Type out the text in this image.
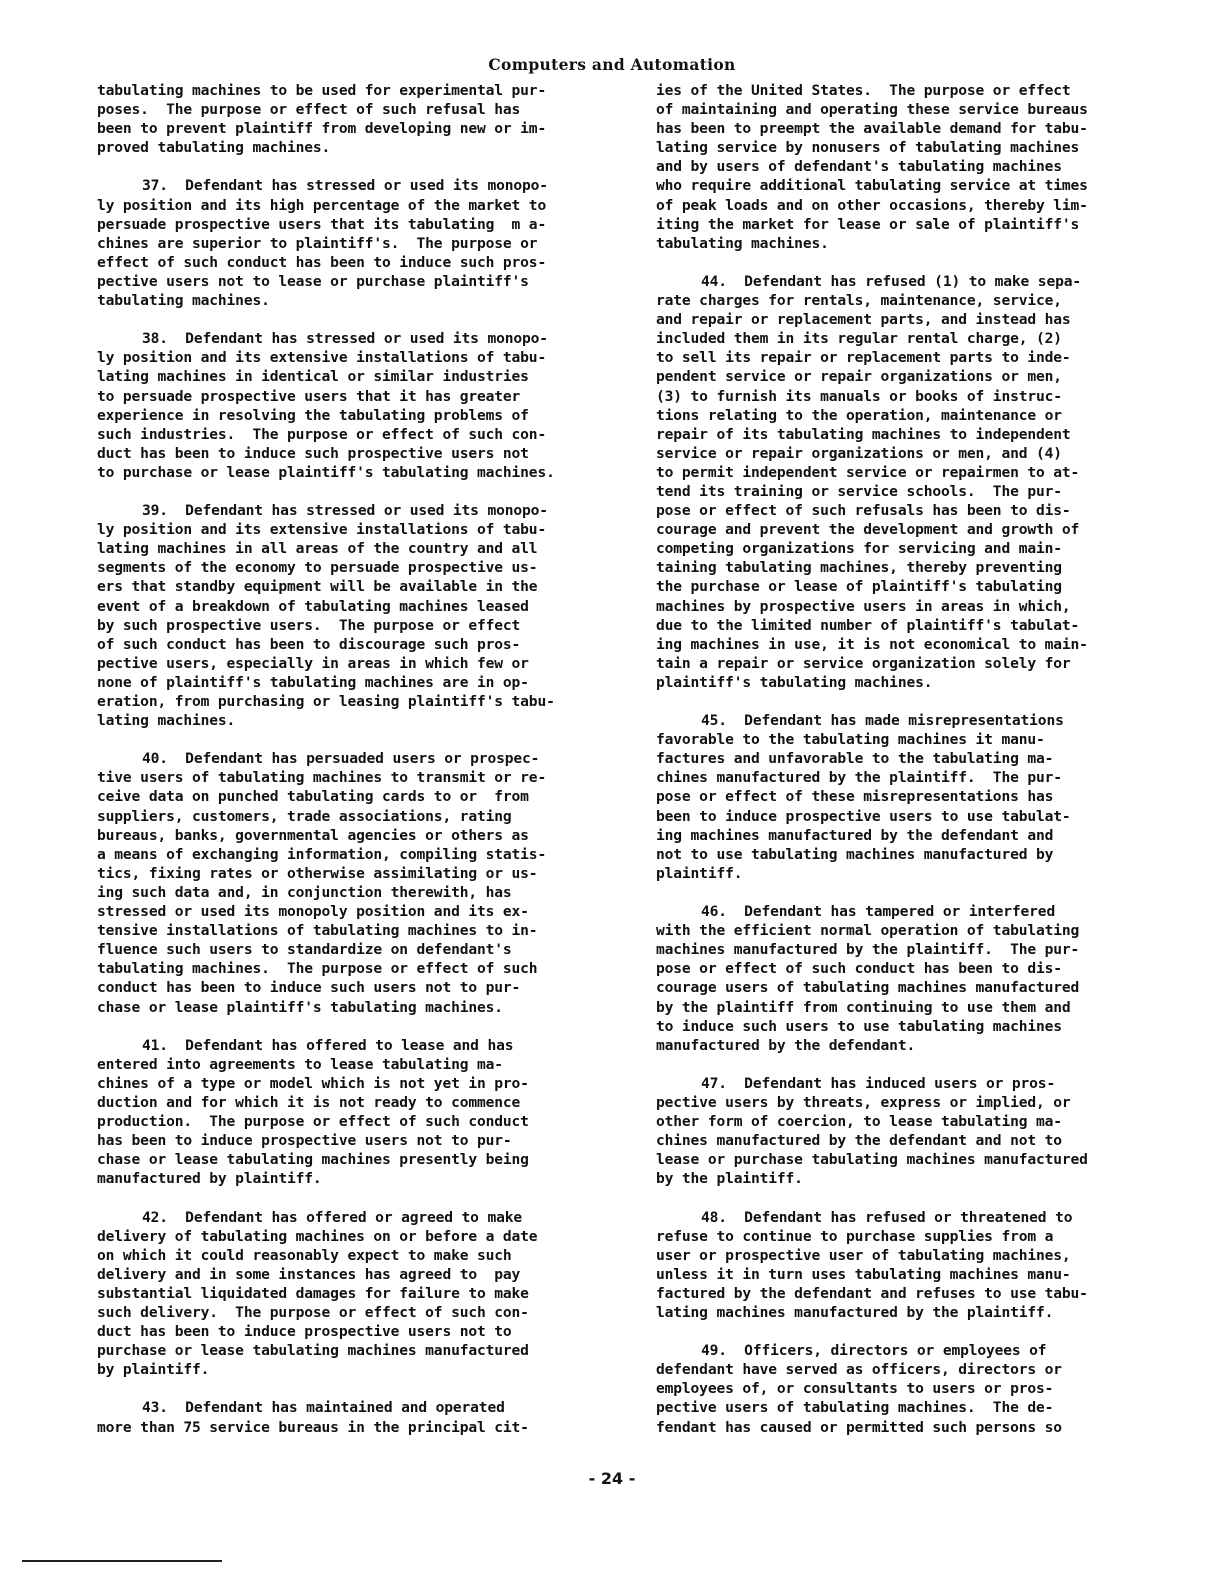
Computers and Automation
tabulating machines to be used for experimental pur-
poses.  The purpose or effect of such refusal has
been to prevent plaintiff from developing new or im-
proved tabulating machines.
37.  Defendant has stressed or used its monopo-
ly position and its high percentage of the market to
persuade prospective users that its tabulating  m a-
chines are superior to plaintiff's.  The purpose or
effect of such conduct has been to induce such pros-
pective users not to lease or purchase plaintiff's
tabulating machines.
38.  Defendant has stressed or used its monopo-
ly position and its extensive installations of tabu-
lating machines in identical or similar industries
to persuade prospective users that it has greater
experience in resolving the tabulating problems of
such industries.  The purpose or effect of such con-
duct has been to induce such prospective users not
to purchase or lease plaintiff's tabulating machines.
39.  Defendant has stressed or used its monopo-
ly position and its extensive installations of tabu-
lating machines in all areas of the country and all
segments of the economy to persuade prospective us-
ers that standby equipment will be available in the
event of a breakdown of tabulating machines leased
by such prospective users.  The purpose or effect
of such conduct has been to discourage such pros-
pective users, especially in areas in which few or
none of plaintiff's tabulating machines are in op-
eration, from purchasing or leasing plaintiff's tabu-
lating machines.
40.  Defendant has persuaded users or prospec-
tive users of tabulating machines to transmit or re-
ceive data on punched tabulating cards to or  from
suppliers, customers, trade associations, rating
bureaus, banks, governmental agencies or others as
a means of exchanging information, compiling statis-
tics, fixing rates or otherwise assimilating or us-
ing such data and, in conjunction therewith, has
stressed or used its monopoly position and its ex-
tensive installations of tabulating machines to in-
fluence such users to standardize on defendant's
tabulating machines.  The purpose or effect of such
conduct has been to induce such users not to pur-
chase or lease plaintiff's tabulating machines.
41.  Defendant has offered to lease and has
entered into agreements to lease tabulating ma-
chines of a type or model which is not yet in pro-
duction and for which it is not ready to commence
production.  The purpose or effect of such conduct
has been to induce prospective users not to pur-
chase or lease tabulating machines presently being
manufactured by plaintiff.
42.  Defendant has offered or agreed to make
delivery of tabulating machines on or before a date
on which it could reasonably expect to make such
delivery and in some instances has agreed to  pay
substantial liquidated damages for failure to make
such delivery.  The purpose or effect of such con-
duct has been to induce prospective users not to
purchase or lease tabulating machines manufactured
by plaintiff.
43.  Defendant has maintained and operated
more than 75 service bureaus in the principal cit-
ies of the United States.  The purpose or effect
of maintaining and operating these service bureaus
has been to preempt the available demand for tabu-
lating service by nonusers of tabulating machines
and by users of defendant's tabulating machines
who require additional tabulating service at times
of peak loads and on other occasions, thereby lim-
iting the market for lease or sale of plaintiff's
tabulating machines.
44.  Defendant has refused (1) to make sepa-
rate charges for rentals, maintenance, service,
and repair or replacement parts, and instead has
included them in its regular rental charge, (2)
to sell its repair or replacement parts to inde-
pendent service or repair organizations or men,
(3) to furnish its manuals or books of instruc-
tions relating to the operation, maintenance or
repair of its tabulating machines to independent
service or repair organizations or men, and (4)
to permit independent service or repairmen to at-
tend its training or service schools.  The pur-
pose or effect of such refusals has been to dis-
courage and prevent the development and growth of
competing organizations for servicing and main-
taining tabulating machines, thereby preventing
the purchase or lease of plaintiff's tabulating
machines by prospective users in areas in which,
due to the limited number of plaintiff's tabulat-
ing machines in use, it is not economical to main-
tain a repair or service organization solely for
plaintiff's tabulating machines.
45.  Defendant has made misrepresentations
favorable to the tabulating machines it manu-
factures and unfavorable to the tabulating ma-
chines manufactured by the plaintiff.  The pur-
pose or effect of these misrepresentations has
been to induce prospective users to use tabulat-
ing machines manufactured by the defendant and
not to use tabulating machines manufactured by
plaintiff.
46.  Defendant has tampered or interfered
with the efficient normal operation of tabulating
machines manufactured by the plaintiff.  The pur-
pose or effect of such conduct has been to dis-
courage users of tabulating machines manufactured
by the plaintiff from continuing to use them and
to induce such users to use tabulating machines
manufactured by the defendant.
47.  Defendant has induced users or pros-
pective users by threats, express or implied, or
other form of coercion, to lease tabulating ma-
chines manufactured by the defendant and not to
lease or purchase tabulating machines manufactured
by the plaintiff.
48.  Defendant has refused or threatened to
refuse to continue to purchase supplies from a
user or prospective user of tabulating machines,
unless it in turn uses tabulating machines manu-
factured by the defendant and refuses to use tabu-
lating machines manufactured by the plaintiff.
49.  Officers, directors or employees of
defendant have served as officers, directors or
employees of, or consultants to users or pros-
pective users of tabulating machines.  The de-
fendant has caused or permitted such persons so
- 24 -
